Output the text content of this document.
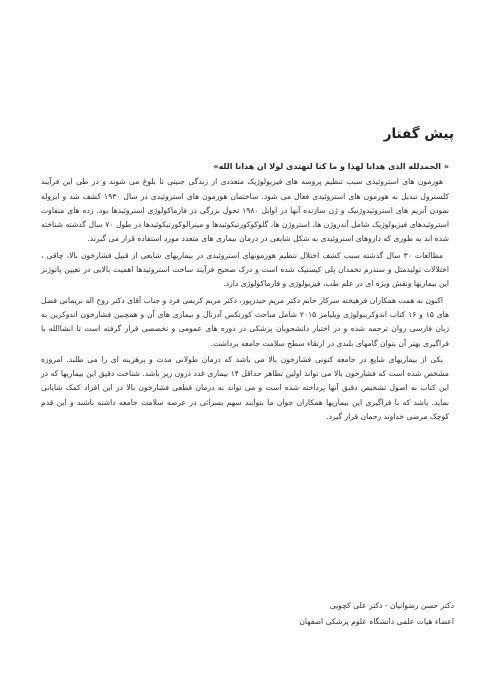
پیش گفتار
« الحمدلله الذی هدانا لهذا و ما کنا لنهتدی لولا ان هدانا الله»
هورمون های استروئیدی سبب تنظیم پروسه های فیزیولوژیک متعددی از زندگی جنینی تا بلوغ می شوند و در طی این فرآیند کلسترول تبدیل به هورمون های استروئیدی فعال می شود. ساختمان هورمون های استروئیدی در سال ۱۹۳۰ کشف شد و ایزوله نمودن آنزیم های استروئیدوژنیک و ژن سازنده آنها در اوایل ۱۹۸۰ تحول بزرگی در فارماکولوژی استروئیدها بود. رده های متفاوت استروئیدهای فیزیولوژیک شامل آندروژن ها، استروژن ها، گلوکوکورتیکوئیدها و مینرالوکورتیکوئیدها در طول ۷۰ سال گذشته شناخته شده اند به طوری که داروهای استروئیدی به شکل شایعی در درمان بیماری های متعدد مورد استفاده قرار می گیرند.
مطالعات ۳۰ سال گذشته سبب کشف اختلال تنظیم هورمونهای استروئیدی در بیماریهای شایعی از قبیل فشارخون بالا، چاقی ، اختلالات تولیدمثل و سندرم تخمدان پلی کیستیک شده است و درک صحیح فرآیند ساخت استروئیدها اهمیت بالایی در تعیین پاتوژنز این بیماریها ونقش ویژه ای در علم طب، فیزیولوژی و فارماکولوژی دارد.
اکنون به همت همکاران فرهیخته سرکار خانم دکتر مریم حیدرپور، دکتر مریم کریمی فرد و جناب آقای دکتر روح اله نریمانی فصل های ۱۵ و ۱۶ کتاب اندوکرینولوژی ویلیامز ۲۰۱۵ شامل مباحث کورتکس آدرنال و بیماری های آن و همچنین فشارخون اندوکرین به زبان فارسی روان ترجمه شده و در اختیار دانشجویان پزشکی در دوره های عمومی و تخصصی قرار گرفته است تا انشاالله با فراگیری بهتر آن بتوان گامهای بلندی در ارتقاء سطح سلامت جامعه برداشت.
یکی از بیماریهای شایع در جامعه کنونی فشارخون بالا می باشد که درمان طولانی مدت و پرهزینه ای را می طلبد. امروزه مشخص شده است که فشارخون بالا می تواند اولین تظاهر حداقل ۱۴ بیماری غدد درون ریز باشد. شناخت دقیق این بیماریها که در این کتاب به اصول تشخیص دقیق آنها پرداخته شده است و می تواند به درمان قطعی فشارخون بالا در این افراد کمک شایانی نماید. باشد که با فراگیری این بیماریها همکاران جوان ما بتوانند سهم بسزائی در عرصه سلامت جامعه داشته باشند و این قدم کوچک مرضی خداوند رحمان قرار گیرد.
دکتر حسن رضوانیان - دکتر علی کچویی
اعضاء هیات علمی دانشگاه علوم پزشکی اصفهان
